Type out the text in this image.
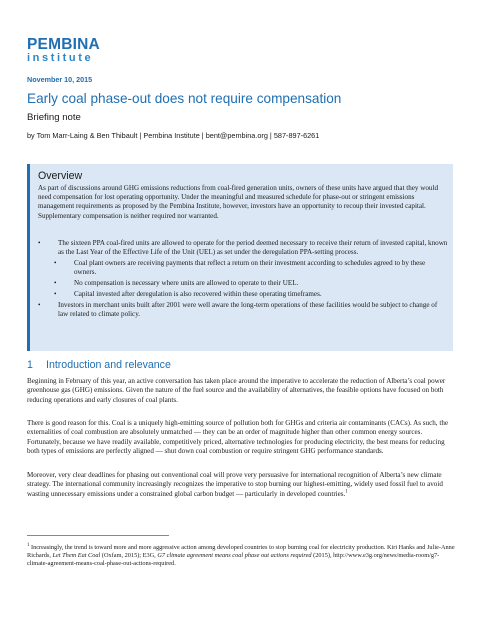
PEMBINA
institute
November 10, 2015
Early coal phase-out does not require compensation
Briefing note
by Tom Marr-Laing & Ben Thibault | Pembina Institute | bent@pembina.org | 587-897-6261
Overview

As part of discussions around GHG emissions reductions from coal-fired generation units, owners of these units have argued that they would need compensation for lost operating opportunity. Under the meaningful and measured schedule for phase-out or stringent emissions management requirements as proposed by the Pembina Institute, however, investors have an opportunity to recoup their invested capital. Supplementary compensation is neither required nor warranted.

• The sixteen PPA coal-fired units are allowed to operate for the period deemed necessary to receive their return of invested capital, known as the Last Year of the Effective Life of the Unit (UEL) as set under the deregulation PPA-setting process.
• Coal plant owners are receiving payments that reflect a return on their investment according to schedules agreed to by these owners.
• No compensation is necessary where units are allowed to operate to their UEL.
• Capital invested after deregulation is also recovered within these operating timeframes.
• Investors in merchant units built after 2001 were well aware the long-term operations of these facilities would be subject to change of law related to climate policy.
1 Introduction and relevance

Beginning in February of this year, an active conversation has taken place around the imperative to accelerate the reduction of Alberta’s coal power greenhouse gas (GHG) emissions. Given the nature of the fuel source and the availability of alternatives, the feasible options have focused on both reducing operations and early closures of coal plants.

There is good reason for this. Coal is a uniquely high-emitting source of pollution both for GHGs and criteria air contaminants (CACs). As such, the externalities of coal combustion are absolutely unmatched — they can be an order of magnitude higher than other common energy sources. Fortunately, because we have readily available, competitively priced, alternative technologies for producing electricity, the best means for reducing both types of emissions are perfectly aligned — shut down coal combustion or require stringent GHG performance standards.

Moreover, very clear deadlines for phasing out conventional coal will prove very persuasive for international recognition of Alberta’s new climate strategy. The international community increasingly recognizes the imperative to stop burning our highest-emitting, widely used fossil fuel to avoid wasting unnecessary emissions under a constrained global carbon budget — particularly in developed countries.$^1$

$^1$ Increasingly, the trend is toward more and more aggressive action among developed countries to stop burning coal for electricity production. Kiri Hanks and Julie-Anne Richards, Let Them Eat Coal (Oxfam, 2015); E3G, G7 climate agreement means coal phase out actions required (2015), http://www.e3g.org/news/media-room/g7-climate-agreement-means-coal-phase-out-actions-required.
